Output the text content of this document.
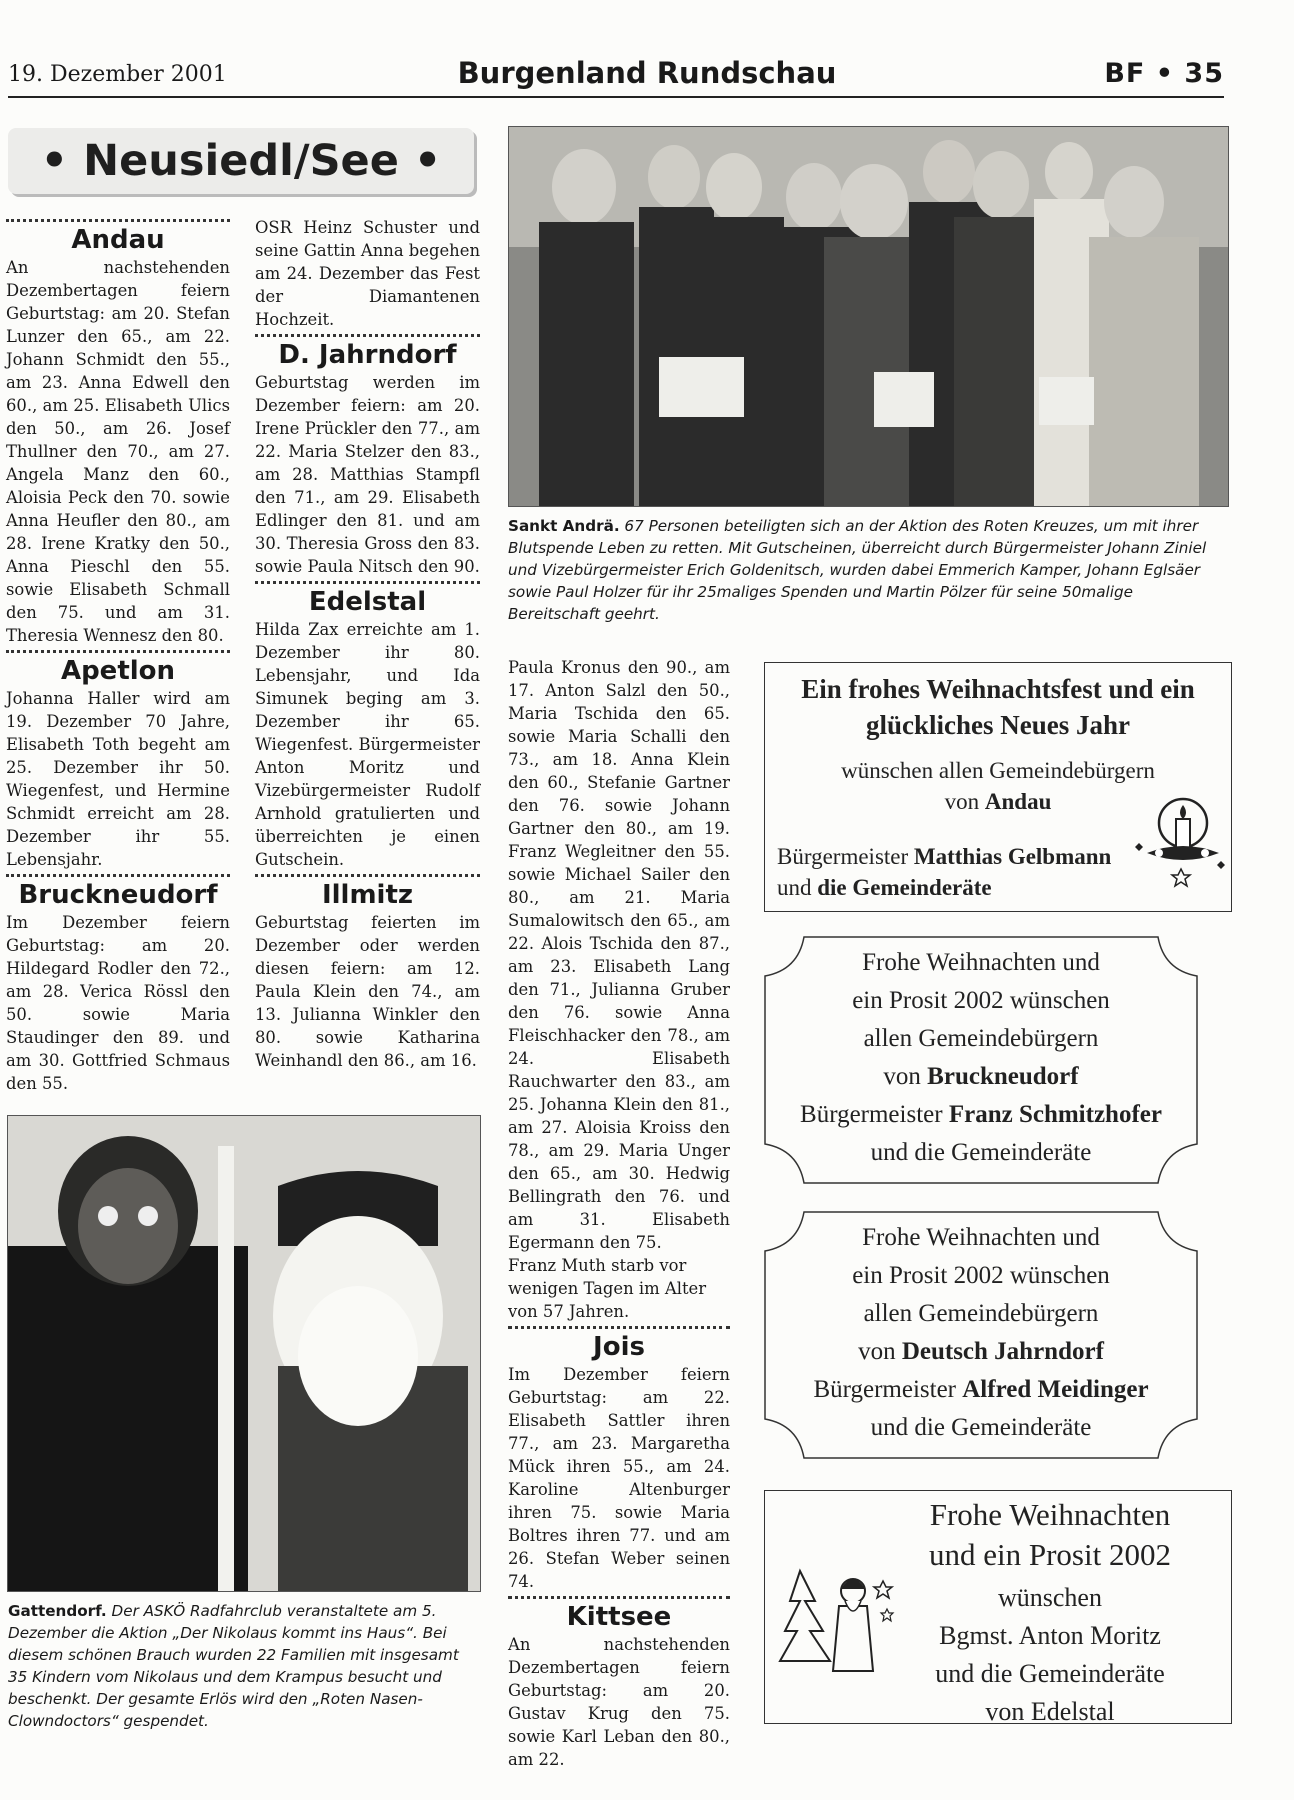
19. Dezember 2001	Burgenland Rundschau	BF • 35
• Neusiedl/See •
Andau

An nachstehenden Dezembertagen feiern Geburtstag: am 20. Stefan Lunzer den 65., am 22. Johann Schmidt den 55., am 23. Anna Edwell den 60., am 25. Elisabeth Ulics den 50., am 26. Josef Thullner den 70., am 27. Angela Manz den 60., Aloisia Peck den 70. sowie Anna Heufler den 80., am 28. Irene Kratky den 50., Anna Pieschl den 55. sowie Elisabeth Schmall den 75. und am 31. Theresia Wennesz den 80.

Apetlon

Johanna Haller wird am 19. Dezember 70 Jahre, Elisabeth Toth begeht am 25. Dezember ihr 50. Wiegenfest, und Hermine Schmidt erreicht am 28. Dezember ihr 55. Lebensjahr.

Bruckneudorf

Im Dezember feiern Geburtstag: am 20. Hildegard Rodler den 72., am 28. Verica Rössl den 50. sowie Maria Staudinger den 89. und am 30. Gottfried Schmaus den 55.

OSR Heinz Schuster und seine Gattin Anna begehen am 24. Dezember das Fest der Diamantenen Hochzeit.

D. Jahrndorf

Geburtstag werden im Dezember feiern: am 20. Irene Prückler den 77., am 22. Maria Stelzer den 83., am 28. Matthias Stampfl den 71., am 29. Elisabeth Edlinger den 81. und am 30. Theresia Gross den 83. sowie Paula Nitsch den 90.

Edelstal

Hilda Zax erreichte am 1. Dezember ihr 80. Lebensjahr, und Ida Simunek beging am 3. Dezember ihr 65. Wiegenfest. Bürgermeister Anton Moritz und Vizebürgermeister Rudolf Arnhold gratulierten und überreichten je einen Gutschein.

Illmitz

Geburtstag feierten im Dezember oder werden diesen feiern: am 12. Paula Klein den 74., am 13. Julianna Winkler den 80. sowie Katharina Weinhandl den 86., am 16.

Sankt Andrä. 67 Personen beteiligten sich an der Aktion des Roten Kreuzes, um mit ihrer Blutspende Leben zu retten. Mit Gutscheinen, überreicht durch Bürgermeister Johann Ziniel und Vizebürgermeister Erich Goldenitsch, wurden dabei Emmerich Kamper, Johann Eglsäer sowie Paul Holzer für ihr 25maliges Spenden und Martin Pölzer für seine 50malige Bereitschaft geehrt.

Paula Kronus den 90., am 17. Anton Salzl den 50., Maria Tschida den 65. sowie Maria Schalli den 73., am 18. Anna Klein den 60., Stefanie Gartner den 76. sowie Johann Gartner den 80., am 19. Franz Wegleitner den 55. sowie Michael Sailer den 80., am 21. Maria Sumalowitsch den 65., am 22. Alois Tschida den 87., am 23. Elisabeth Lang den 71., Julianna Gruber den 76. sowie Anna Fleischhacker den 78., am 24. Elisabeth Rauchwarter den 83., am 25. Johanna Klein den 81., am 27. Aloisia Kroiss den 78., am 29. Maria Unger den 65., am 30. Hedwig Bellingrath den 76. und am 31. Elisabeth Egermann den 75.

Franz Muth starb vor wenigen Tagen im Alter von 57 Jahren.

Jois

Im Dezember feiern Geburtstag: am 22. Elisabeth Sattler ihren 77., am 23. Margaretha Mück ihren 55., am 24. Karoline Altenburger ihren 75. sowie Maria Boltres ihren 77. und am 26. Stefan Weber seinen 74.

Kittsee

An nachstehenden Dezembertagen feiern Geburtstag: am 20. Gustav Krug den 75. sowie Karl Leban den 80., am 22.

Gattendorf. Der ASKÖ Radfahrclub veranstaltete am 5. Dezember die Aktion „Der Nikolaus kommt ins Haus“. Bei diesem schönen Brauch wurden 22 Familien mit insgesamt 35 Kindern vom Nikolaus und dem Krampus besucht und beschenkt. Der gesamte Erlös wird den „Roten Nasen-Clowndoctors“ gespendet.
Ein frohes Weihnachtsfest und ein
glückliches Neues Jahr
wünschen allen Gemeindebürgern
von Andau
Bürgermeister Matthias Gelbmann
und die Gemeinderäte
Frohe Weihnachten und
ein Prosit 2002 wünschen
allen Gemeindebürgern
von Bruckneudorf
Bürgermeister Franz Schmitzhofer
und die Gemeinderäte
Frohe Weihnachten und
ein Prosit 2002 wünschen
allen Gemeindebürgern
von Deutsch Jahrndorf
Bürgermeister Alfred Meidinger
und die Gemeinderäte
Frohe Weihnachten
und ein Prosit 2002
wünschen
Bgmst. Anton Moritz
und die Gemeinderäte
von Edelstal
